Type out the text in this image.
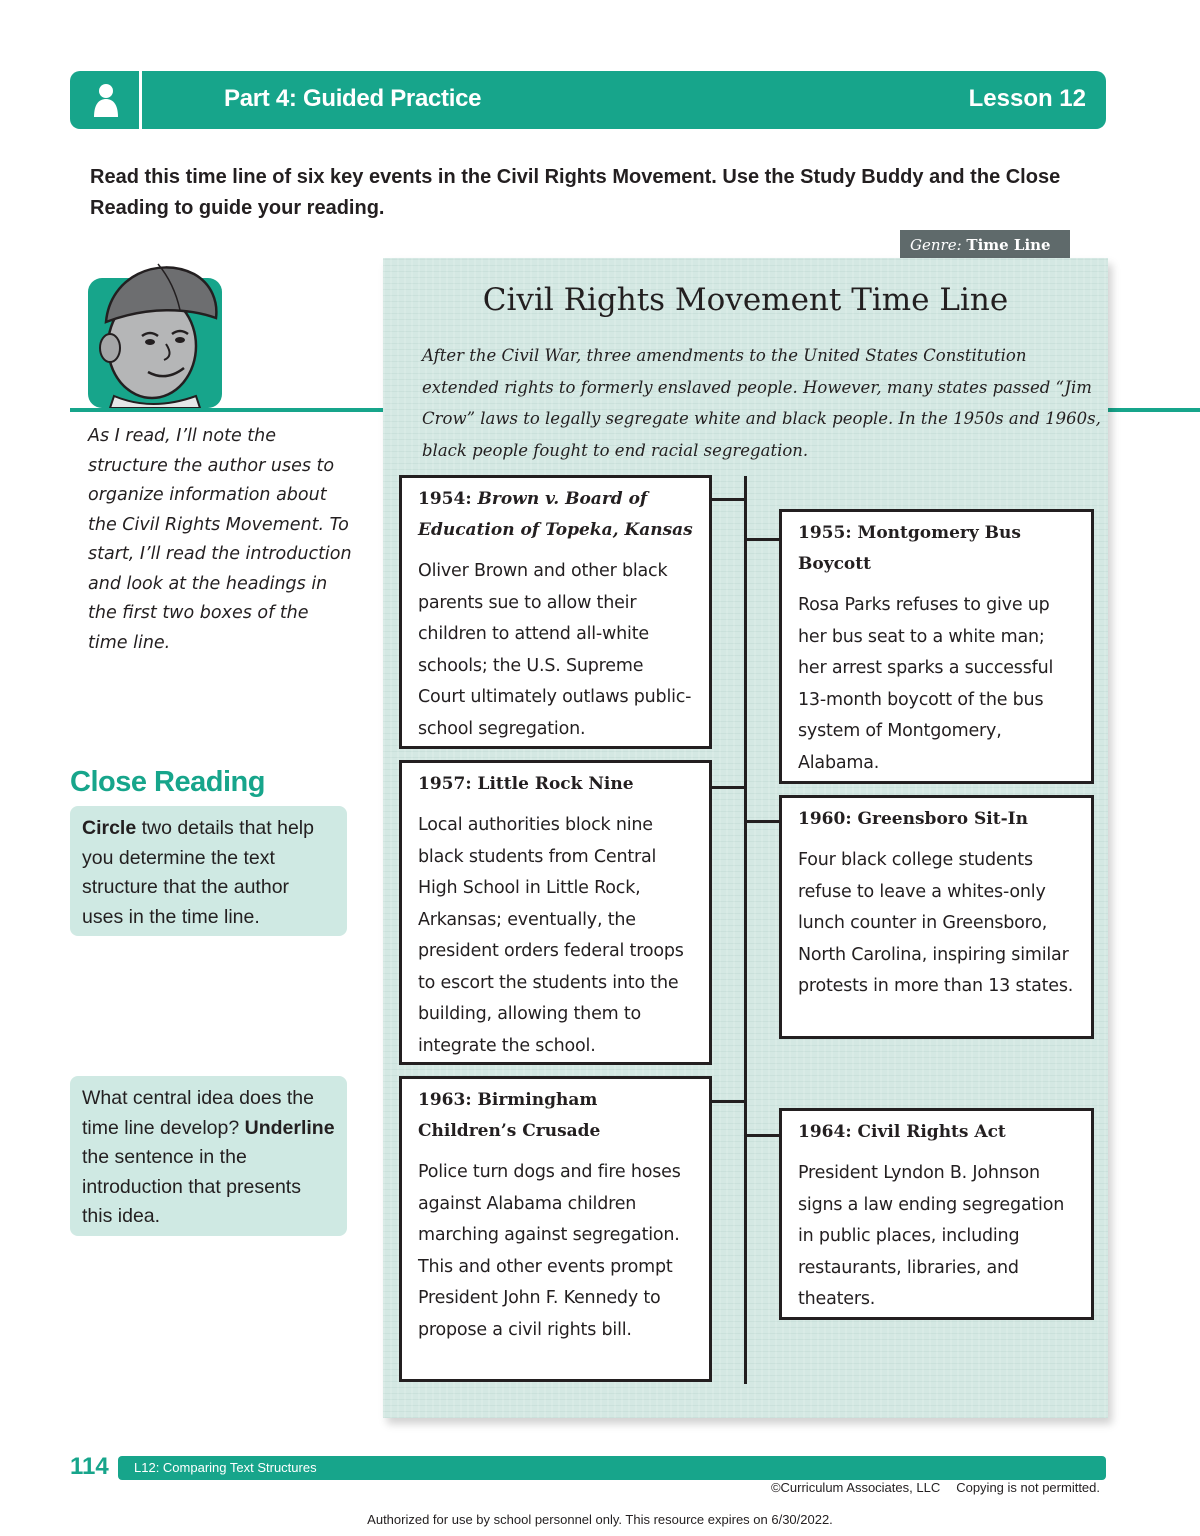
Part 4: Guided Practice	Lesson 12
Read this time line of six key events in the Civil Rights Movement. Use the Study Buddy and the Close Reading to guide your reading.
Genre: Time Line
As I read, I’ll note the structure the author uses to organize information about the Civil Rights Movement. To start, I’ll read the introduction and look at the headings in the first two boxes of the time line.
Close Reading
Circle two details that help you determine the text structure that the author uses in the time line.
What central idea does the time line develop? Underline the sentence in the introduction that presents this idea.
Civil Rights Movement Time Line
After the Civil War, three amendments to the United States Constitution extended rights to formerly enslaved people. However, many states passed “Jim Crow” laws to legally segregate white and black people. In the 1950s and 1960s, black people fought to end racial segregation.
1954: Brown v. Board of Education of Topeka, Kansas
Oliver Brown and other black parents sue to allow their children to attend all-white schools; the U.S. Supreme Court ultimately outlaws public-school segregation.
1955: Montgomery Bus Boycott
Rosa Parks refuses to give up her bus seat to a white man; her arrest sparks a successful 13-month boycott of the bus system of Montgomery, Alabama.
1957: Little Rock Nine
Local authorities block nine black students from Central High School in Little Rock, Arkansas; eventually, the president orders federal troops to escort the students into the building, allowing them to integrate the school.
1960: Greensboro Sit-In
Four black college students refuse to leave a whites-only lunch counter in Greensboro, North Carolina, inspiring similar protests in more than 13 states.
1963: Birmingham Children’s Crusade
Police turn dogs and fire hoses against Alabama children marching against segregation. This and other events prompt President John F. Kennedy to propose a civil rights bill.
1964: Civil Rights Act
President Lyndon B. Johnson signs a law ending segregation in public places, including restaurants, libraries, and theaters.
114 L12: Comparing Text Structures
©Curriculum Associates, LLC Copying is not permitted.
Authorized for use by school personnel only. This resource expires on 6/30/2022.
